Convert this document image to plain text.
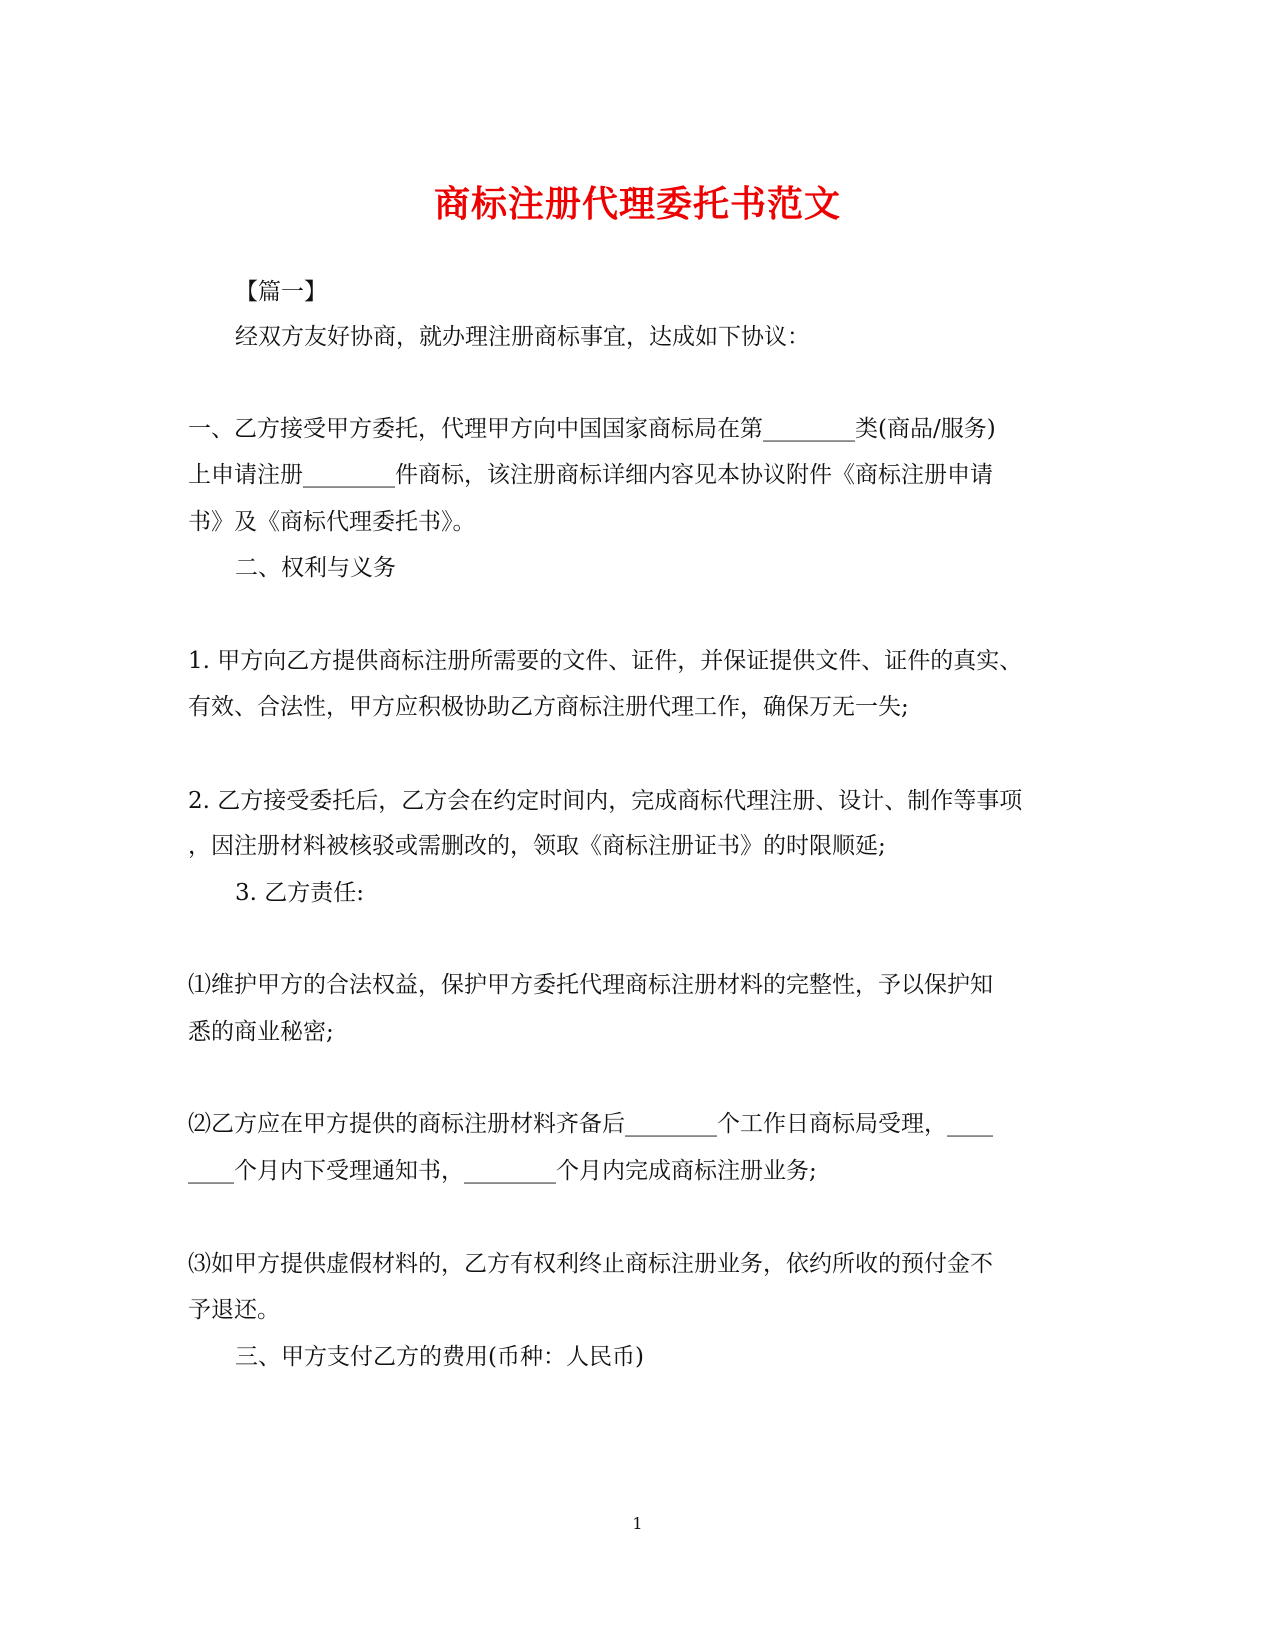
商标注册代理委托书范文
【篇一】
经双方友好协商，就办理注册商标事宜，达成如下协议：
一、乙方接受甲方委托，代理甲方向中国国家商标局在第________类(商品/服务)
上申请注册________件商标，该注册商标详细内容见本协议附件《商标注册申请
书》及《商标代理委托书》。
二、权利与义务
1. 甲方向乙方提供商标注册所需要的文件、证件，并保证提供文件、证件的真实、
有效、合法性，甲方应积极协助乙方商标注册代理工作，确保万无一失;
2. 乙方接受委托后，乙方会在约定时间内，完成商标代理注册、设计、制作等事项
，因注册材料被核驳或需删改的，领取《商标注册证书》的时限顺延;
3. 乙方责任:
⑴维护甲方的合法权益，保护甲方委托代理商标注册材料的完整性，予以保护知
悉的商业秘密;
⑵乙方应在甲方提供的商标注册材料齐备后________个工作日商标局受理，____
____个月内下受理通知书，________个月内完成商标注册业务;
⑶如甲方提供虚假材料的，乙方有权利终止商标注册业务，依约所收的预付金不
予退还。
三、甲方支付乙方的费用(币种：人民币)
1
